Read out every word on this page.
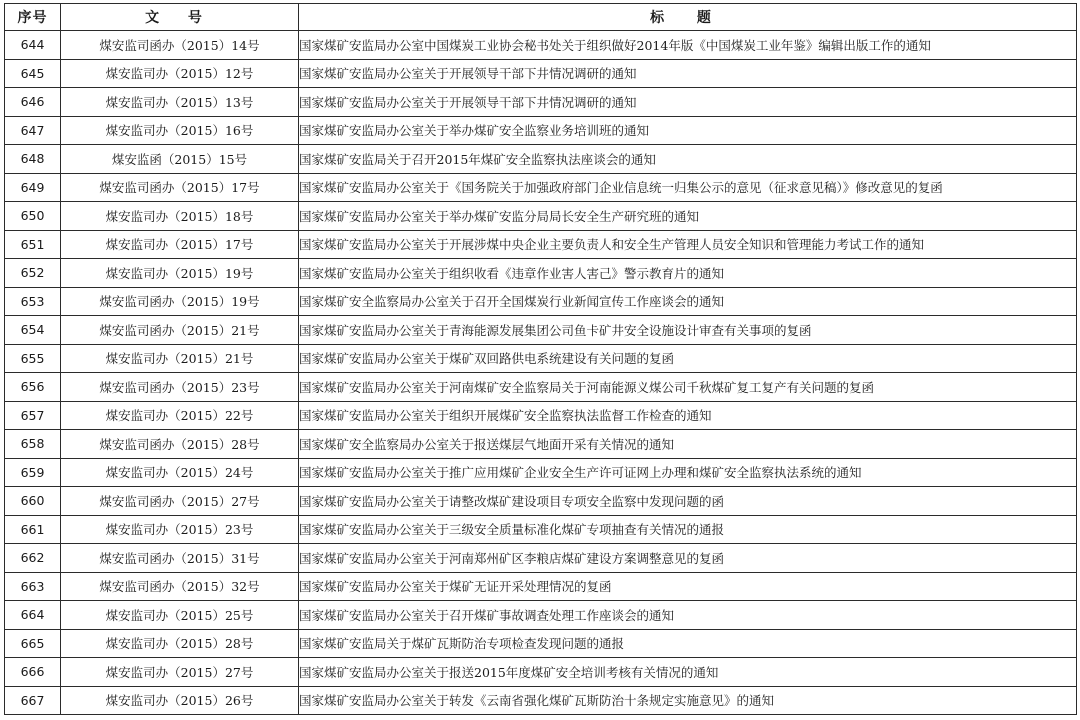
序号	文 号	标 题
644	煤安监司函办（2015）14号	国家煤矿安监局办公室中国煤炭工业协会秘书处关于组织做好2014年版《中国煤炭工业年鉴》编辑出版工作的通知
645	煤安监司办（2015）12号	国家煤矿安监局办公室关于开展领导干部下井情况调研的通知
646	煤安监司办（2015）13号	国家煤矿安监局办公室关于开展领导干部下井情况调研的通知
647	煤安监司办（2015）16号	国家煤矿安监局办公室关于举办煤矿安全监察业务培训班的通知
648	煤安监函（2015）15号	国家煤矿安监局关于召开2015年煤矿安全监察执法座谈会的通知
649	煤安监司函办（2015）17号	国家煤矿安监局办公室关于《国务院关于加强政府部门企业信息统一归集公示的意见（征求意见稿）》修改意见的复函
650	煤安监司办（2015）18号	国家煤矿安监局办公室关于举办煤矿安监分局局长安全生产研究班的通知
651	煤安监司办（2015）17号	国家煤矿安监局办公室关于开展涉煤中央企业主要负责人和安全生产管理人员安全知识和管理能力考试工作的通知
652	煤安监司办（2015）19号	国家煤矿安监局办公室关于组织收看《违章作业害人害己》警示教育片的通知
653	煤安监司函办（2015）19号	国家煤矿安全监察局办公室关于召开全国煤炭行业新闻宣传工作座谈会的通知
654	煤安监司函办（2015）21号	国家煤矿安监局办公室关于青海能源发展集团公司鱼卡矿井安全设施设计审查有关事项的复函
655	煤安监司办（2015）21号	国家煤矿安监局办公室关于煤矿双回路供电系统建设有关问题的复函
656	煤安监司函办（2015）23号	国家煤矿安监局办公室关于河南煤矿安全监察局关于河南能源义煤公司千秋煤矿复工复产有关问题的复函
657	煤安监司办（2015）22号	国家煤矿安监局办公室关于组织开展煤矿安全监察执法监督工作检查的通知
658	煤安监司函办（2015）28号	国家煤矿安全监察局办公室关于报送煤层气地面开采有关情况的通知
659	煤安监司办（2015）24号	国家煤矿安监局办公室关于推广应用煤矿企业安全生产许可证网上办理和煤矿安全监察执法系统的通知
660	煤安监司函办（2015）27号	国家煤矿安监局办公室关于请整改煤矿建设项目专项安全监察中发现问题的函
661	煤安监司办（2015）23号	国家煤矿安监局办公室关于三级安全质量标准化煤矿专项抽查有关情况的通报
662	煤安监司函办（2015）31号	国家煤矿安监局办公室关于河南郑州矿区李粮店煤矿建设方案调整意见的复函
663	煤安监司函办（2015）32号	国家煤矿安监局办公室关于煤矿无证开采处理情况的复函
664	煤安监司办（2015）25号	国家煤矿安监局办公室关于召开煤矿事故调查处理工作座谈会的通知
665	煤安监司办（2015）28号	国家煤矿安监局关于煤矿瓦斯防治专项检查发现问题的通报
666	煤安监司办（2015）27号	国家煤矿安监局办公室关于报送2015年度煤矿安全培训考核有关情况的通知
667	煤安监司办（2015）26号	国家煤矿安监局办公室关于转发《云南省强化煤矿瓦斯防治十条规定实施意见》的通知
